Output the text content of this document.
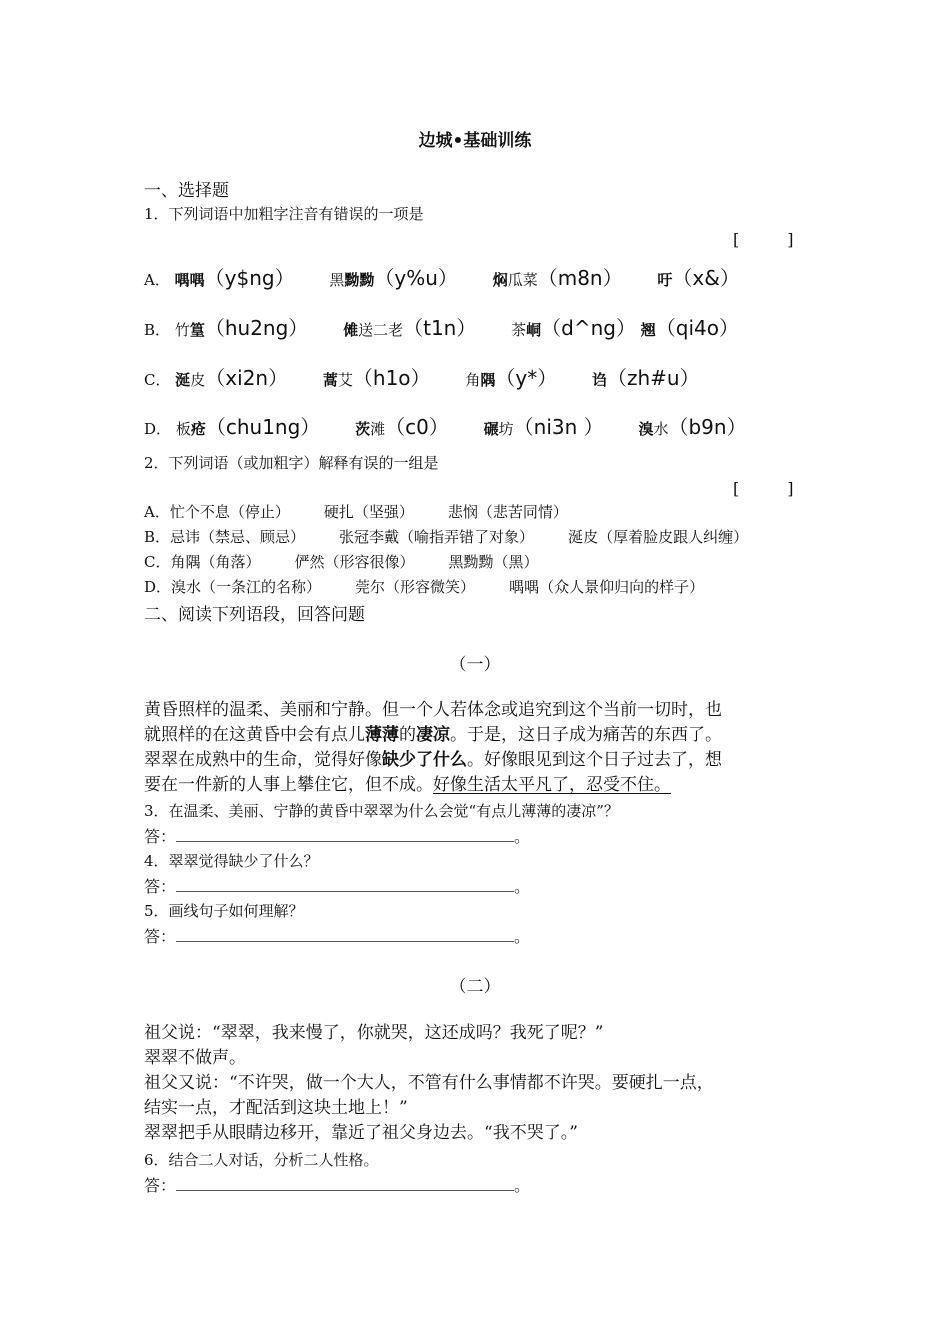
边城•基础训练
一、选择题
1．下列词语中加粗字注音有错误的一项是
[　　　]
A． 喁喁（y$ng） 黑黝黝（y%u） 焖瓜菜（m8n） 吁（x&）
B． 竹篁（hu2ng） 傩送二老（t1n） 茶峒（d^ng） 翘（qi4o）
C． 涎皮（xi2n） 蒿艾（h1o） 角隅（y*） 诌（zh#u）
D． 板疮（chu1ng） 茨滩（c0） 碾坊（ni3n ） 溴水（b9n）
2．下列词语（或加粗字）解释有误的一组是
[　　　]
A．忙个不息（停止） 硬扎（坚强） 悲悯（悲苦同情）
B．忌讳（禁忌、顾忌） 张冠李戴（喻指弄错了对象） 涎皮（厚着脸皮跟人纠缠）
C．角隅（角落） 俨然（形容很像） 黑黝黝（黑）
D．溴水（一条江的名称） 莞尔（形容微笑） 喁喁（众人景仰归向的样子）
二、阅读下列语段，回答问题
（一）
黄昏照样的温柔、美丽和宁静。但一个人若体念或追究到这个当前一切时，也
就照样的在这黄昏中会有点儿薄薄的凄凉。于是，这日子成为痛苦的东西了。
翠翠在成熟中的生命，觉得好像缺少了什么。好像眼见到这个日子过去了，想
要在一件新的人事上攀住它，但不成。好像生活太平凡了，忍受不住。
3．在温柔、美丽、宁静的黄昏中翠翠为什么会觉“有点儿薄薄的凄凉”？
答：	。
4．翠翠觉得缺少了什么？
答：	。
5．画线句子如何理解？
答：	。
（二）
祖父说：“翠翠，我来慢了，你就哭，这还成吗？我死了呢？”
翠翠不做声。
祖父又说：“不许哭，做一个大人，不管有什么事情都不许哭。要硬扎一点，
结实一点，才配活到这块土地上！”
翠翠把手从眼睛边移开，靠近了祖父身边去。“我不哭了。”
6．结合二人对话，分析二人性格。
答：	。
